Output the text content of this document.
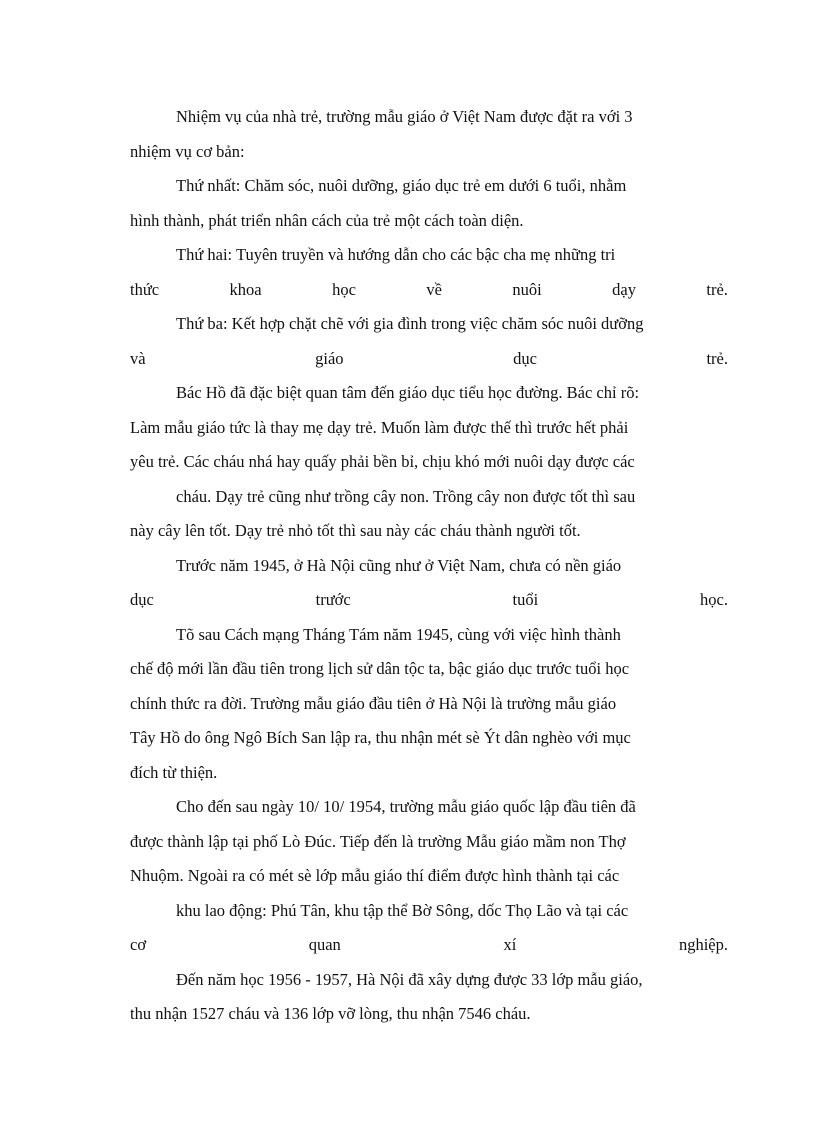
Nhiệm vụ của nhà trẻ, trường mẫu giáo ở Việt Nam được đặt ra với 3
nhiệm vụ cơ bản:
Thứ nhất: Chăm sóc, nuôi dưỡng, giáo dục trẻ em dưới 6 tuổi, nhằm
hình thành, phát triển nhân cách của trẻ một cách toàn diện.
Thứ hai: Tuyên truyền và hướng dẫn cho các bậc cha mẹ những tri
thức	khoa	học	về	nuôi	dạy	trẻ.
Thứ ba: Kết hợp chặt chẽ với gia đình trong việc chăm sóc nuôi dưỡng
và	giáo	dục	trẻ.
Bác Hồ đã đặc biệt quan tâm đến giáo dục tiểu học đường. Bác chỉ rõ:
Làm mẫu giáo tức là thay mẹ dạy trẻ. Muốn làm được thế thì trước hết phải
yêu trẻ. Các cháu nhá hay quấy phải bền bỉ, chịu khó mới nuôi dạy được các
cháu. Dạy trẻ cũng như trồng cây non. Trồng cây non được tốt thì sau
này cây lên tốt. Dạy trẻ nhỏ tốt thì sau này các cháu thành người tốt.
Trước năm 1945, ở Hà Nội cũng như ở Việt Nam, chưa có nền giáo
dục	trước	tuổi	học.
Tõ sau Cách mạng Tháng Tám năm 1945, cùng với việc hình thành
chế độ mới lần đầu tiên trong lịch sử dân tộc ta, bậc giáo dục trước tuổi học
chính thức ra đời. Trường mẫu giáo đầu tiên ở Hà Nội là trường mẫu giáo
Tây Hồ do ông Ngô Bích San lập ra, thu nhận mét sè Ýt dân nghèo với mục
đích từ thiện.
Cho đến sau ngày 10/ 10/ 1954, trường mẫu giáo quốc lập đầu tiên đã
được thành lập tại phố Lò Đúc. Tiếp đến là trường Mẫu giáo mầm non Thợ
Nhuộm. Ngoài ra có mét sè lớp mẫu giáo thí điểm được hình thành tại các
khu lao động: Phú Tân, khu tập thể Bờ Sông, dốc Thọ Lão và tại các
cơ	quan	xí	nghiệp.
Đến năm học 1956 - 1957, Hà Nội đã xây dựng được 33 lớp mẫu giáo,
thu nhận 1527 cháu và 136 lớp vỡ lòng, thu nhận 7546 cháu.
